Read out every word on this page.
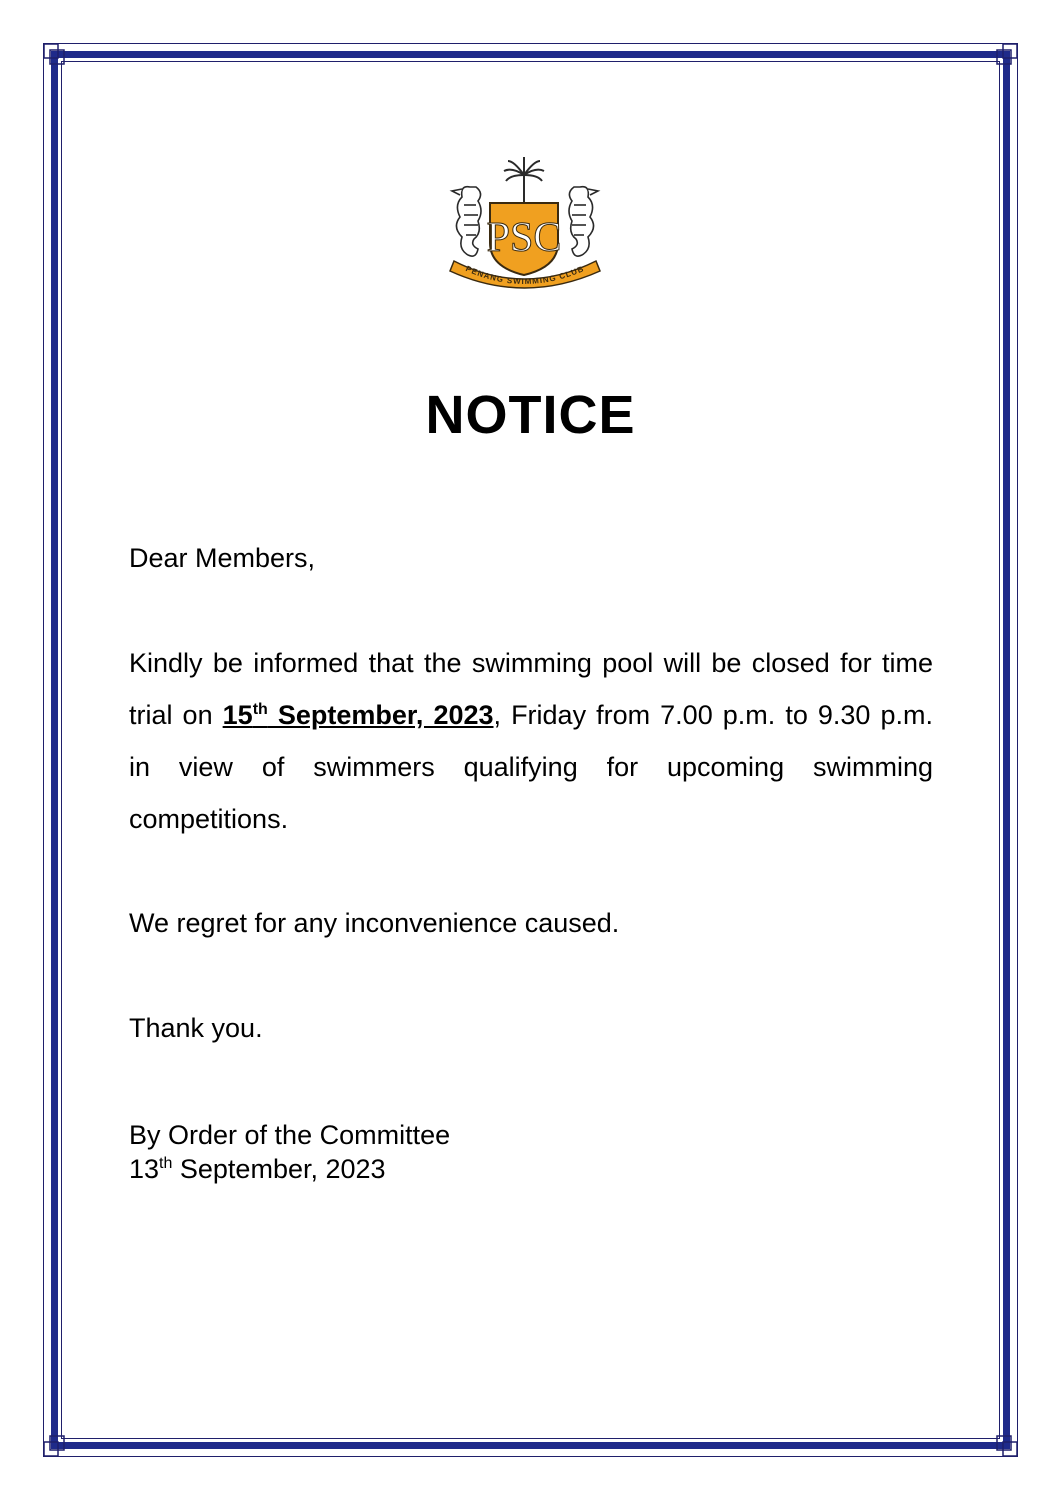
PSC
PENANG SWIMMING CLUB
NOTICE
Dear Members,
Kindly be informed that the swimming pool will be closed for time trial on 15th September, 2023, Friday from 7.00 p.m. to 9.30 p.m. in view of swimmers qualifying for upcoming swimming competitions.
We regret for any inconvenience caused.
Thank you.
By Order of the Committee
13th September, 2023
